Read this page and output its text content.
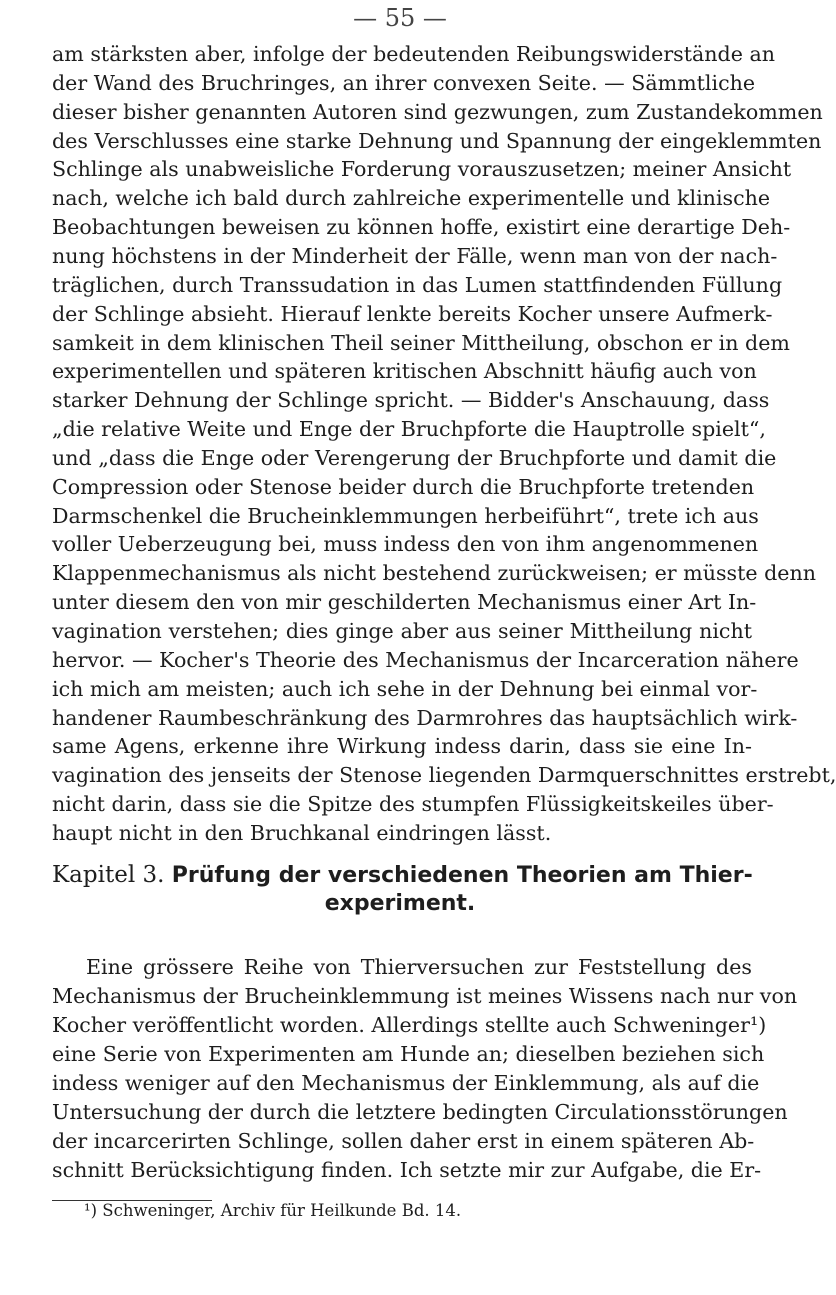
— 55 —
am stärksten aber, infolge der bedeutenden Reibungswiderstände an
der Wand des Bruchringes, an ihrer convexen Seite. — Sämmtliche
dieser bisher genannten Autoren sind gezwungen, zum Zustandekommen
des Verschlusses eine starke Dehnung und Spannung der eingeklemmten
Schlinge als unabweisliche Forderung vorauszusetzen; meiner Ansicht
nach, welche ich bald durch zahlreiche experimentelle und klinische
Beobachtungen beweisen zu können hoffe, existirt eine derartige Deh-
nung höchstens in der Minderheit der Fälle, wenn man von der nach-
träglichen, durch Transsudation in das Lumen stattfindenden Füllung
der Schlinge absieht. Hierauf lenkte bereits Kocher unsere Aufmerk-
samkeit in dem klinischen Theil seiner Mittheilung, obschon er in dem
experimentellen und späteren kritischen Abschnitt häufig auch von
starker Dehnung der Schlinge spricht. — Bidder's Anschauung, dass
„die relative Weite und Enge der Bruchpforte die Hauptrolle spielt“,
und „dass die Enge oder Verengerung der Bruchpforte und damit die
Compression oder Stenose beider durch die Bruchpforte tretenden
Darmschenkel die Brucheinklemmungen herbeiführt“, trete ich aus
voller Ueberzeugung bei, muss indess den von ihm angenommenen
Klappenmechanismus als nicht bestehend zurückweisen; er müsste denn
unter diesem den von mir geschilderten Mechanismus einer Art In-
vagination verstehen; dies ginge aber aus seiner Mittheilung nicht
hervor. — Kocher's Theorie des Mechanismus der Incarceration nähere
ich mich am meisten; auch ich sehe in der Dehnung bei einmal vor-
handener Raumbeschränkung des Darmrohres das hauptsächlich wirk-
same Agens, erkenne ihre Wirkung indess darin, dass sie eine In-
vagination des jenseits der Stenose liegenden Darmquerschnittes erstrebt,
nicht darin, dass sie die Spitze des stumpfen Flüssigkeitskeiles über-
haupt nicht in den Bruchkanal eindringen lässt.
Kapitel 3. Prüfung der verschiedenen Theorien am Thier-
experiment.
Eine grössere Reihe von Thierversuchen zur Feststellung des
Mechanismus der Brucheinklemmung ist meines Wissens nach nur von
Kocher veröffentlicht worden. Allerdings stellte auch Schweninger¹)
eine Serie von Experimenten am Hunde an; dieselben beziehen sich
indess weniger auf den Mechanismus der Einklemmung, als auf die
Untersuchung der durch die letztere bedingten Circulationsstörungen
der incarcerirten Schlinge, sollen daher erst in einem späteren Ab-
schnitt Berücksichtigung finden. Ich setzte mir zur Aufgabe, die Er-
¹) Schweninger, Archiv für Heilkunde Bd. 14.
